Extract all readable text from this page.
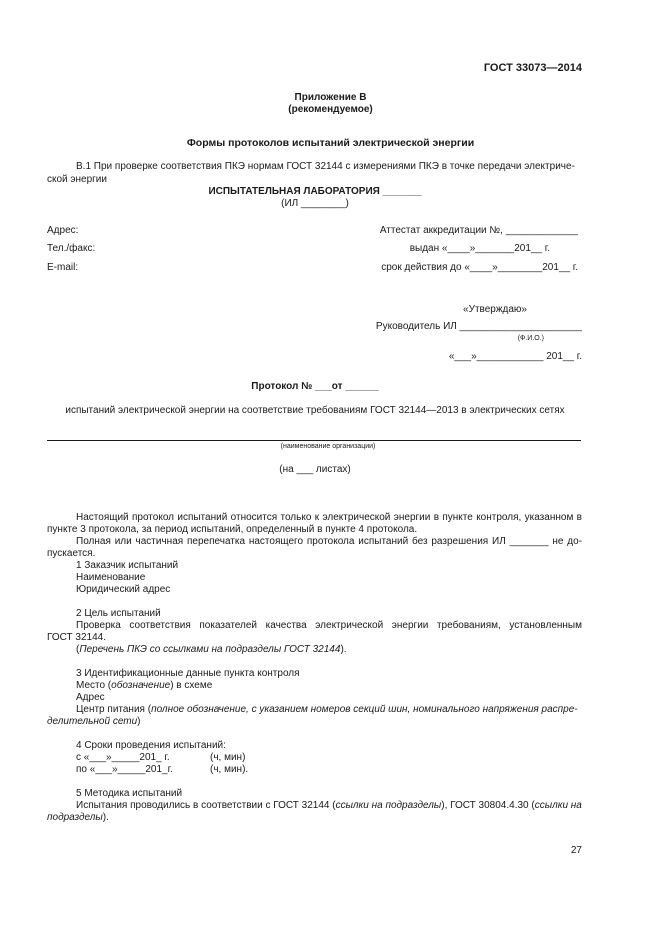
ГОСТ 33073—2014
Приложение В
(рекомендуемое)
Формы протоколов испытаний электрической энергии
В.1 При проверке соответствия ПКЭ нормам ГОСТ 32144 с измерениями ПКЭ в точке передачи электриче-
ской энергии
ИСПЫТАТЕЛЬНАЯ ЛАБОРАТОРИЯ _______
(ИЛ ________)
Адрес:
Тел./факс:
E-mail:
Аттестат аккредитации №, _____________
выдан «____»_______201__ г.
срок действия до «____»________201__ г.
«Утверждаю»
Руководитель ИЛ ______________________
(Ф.И.О.)
«___»____________ 201__ г.
Протокол № ___от ______
испытаний электрической энергии на соответствие требованиям ГОСТ 32144—2013 в электрических сетях
(наименование организации)
(на ___ листах)
Настоящий протокол испытаний относится только к электрической энергии в пункте контроля, указанном в
пункте 3 протокола, за период испытаний, определенный в пункте 4 протокола.
Полная или частичная перепечатка настоящего протокола испытаний без разрешения ИЛ _______ не до-
пускается.
1 Заказчик испытаний
Наименование
Юридический адрес
2 Цель испытаний
Проверка соответствия показателей качества электрической энергии требованиям, установленным
ГОСТ 32144.
(Перечень ПКЭ со ссылками на подразделы ГОСТ 32144).
3 Идентификационные данные пункта контроля
Место (обозначение) в схеме
Адрес
Центр питания (полное обозначение, с указанием номеров секций шин, номинального напряжения распре-
делительной сети)
4 Сроки проведения испытаний:
с «___»_____201_ г.	(ч, мин)
по «___»_____201_г.	(ч, мин).
5 Методика испытаний
Испытания проводились в соответствии с ГОСТ 32144 (ссылки на подразделы), ГОСТ 30804.4.30 (ссылки на
подразделы).
27
